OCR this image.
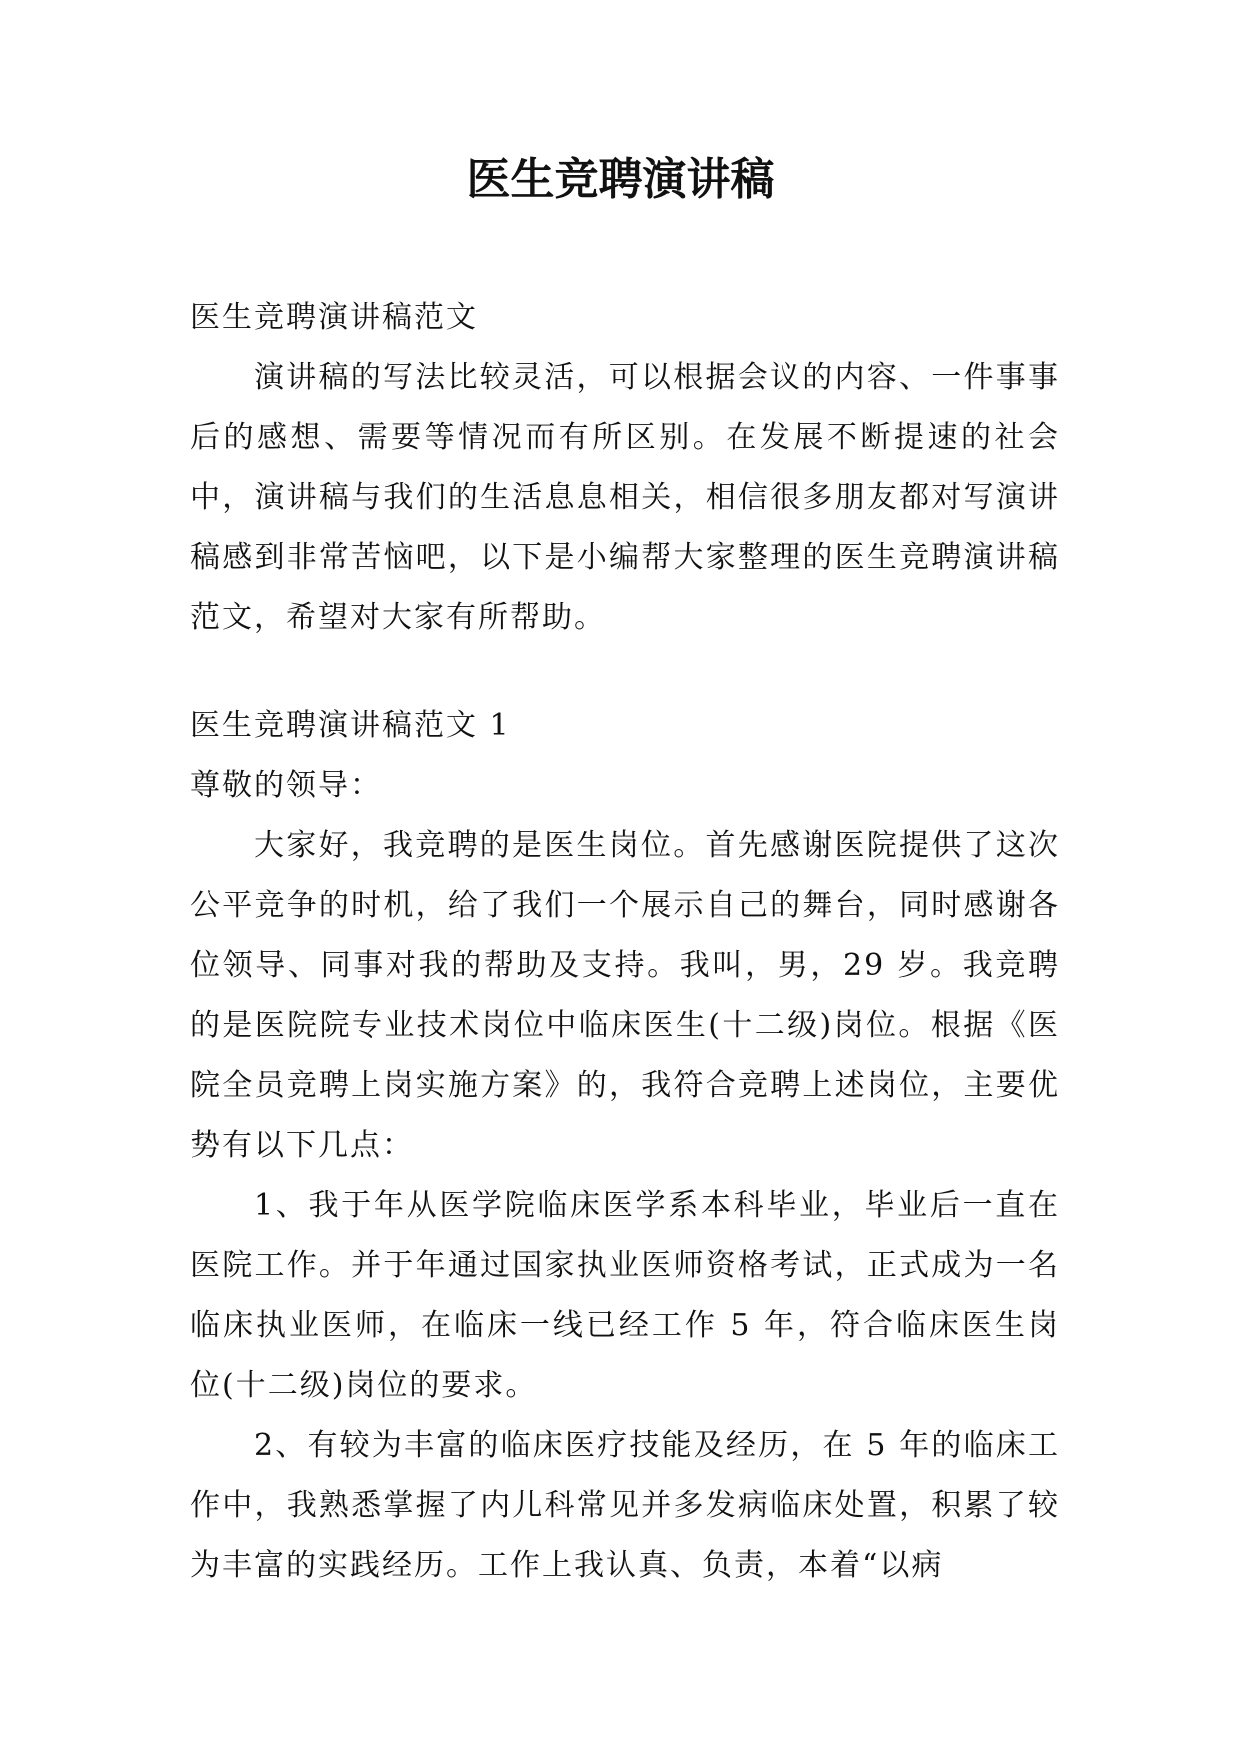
医生竞聘演讲稿

医生竞聘演讲稿范文

演讲稿的写法比较灵活，可以根据会议的内容、一件事事后的感想、需要等情况而有所区别。在发展不断提速的社会中，演讲稿与我们的生活息息相关，相信很多朋友都对写演讲稿感到非常苦恼吧，以下是小编帮大家整理的医生竞聘演讲稿范文，希望对大家有所帮助。

医生竞聘演讲稿范文 1

尊敬的领导：

大家好，我竞聘的是医生岗位。首先感谢医院提供了这次公平竞争的时机，给了我们一个展示自己的舞台，同时感谢各位领导、同事对我的帮助及支持。我叫，男，29 岁。我竞聘的是医院院专业技术岗位中临床医生(十二级)岗位。根据《医院全员竞聘上岗实施方案》的，我符合竞聘上述岗位，主要优势有以下几点：

1、我于年从医学院临床医学系本科毕业，毕业后一直在医院工作。并于年通过国家执业医师资格考试，正式成为一名临床执业医师，在临床一线已经工作 5 年，符合临床医生岗位(十二级)岗位的要求。

2、有较为丰富的临床医疗技能及经历，在 5 年的临床工作中，我熟悉掌握了内儿科常见并多发病临床处置，积累了较为丰富的实践经历。工作上我认真、负责，本着“以病
